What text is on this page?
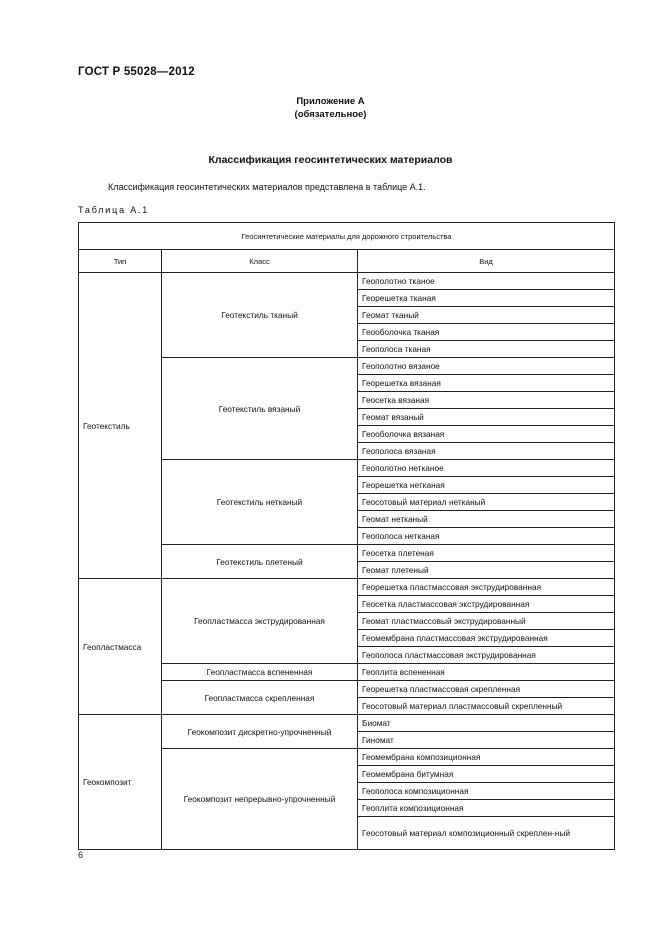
ГОСТ Р 55028—2012
Приложение А
(обязательное)
Классификация геосинтетических материалов
Классификация геосинтетических материалов представлена в таблице А.1.
Таблица А.1
Геосинтетические материалы для дорожного строительства		
Тип	Класс	Вид
Геотекстиль	Геотекстиль тканый	Геополотно тканое
		Георешетка тканая
		Геомат тканый
		Геооболочка тканая
		Геополоса тканая
	Геотекстиль вязаный	Геополотно вязаное
		Георешетка вязаная
		Геосетка вязаная
		Геомат вязаный
		Геооболочка вязаная
		Геополоса вязаная
	Геотекстиль нетканый	Геополотно нетканое
		Георешетка нетканая
		Геосотовый материал нетканый
		Геомат нетканый
		Геополоса нетканая
	Геотекстиль плетеный	Геосетка плетеная
		Геомат плетеный
Геопластмасса	Геопластмасса экструдированная	Георешетка пластмассовая экструдированная
		Геосетка пластмассовая экструдированная
		Геомат пластмассовый экструдированный
		Геомембрана пластмассовая экструдированная
		Геополоса пластмассовая экструдированная
	Геопластмасса вспененная	Геоплита вспененная
	Геопластмасса скрепленная	Георешетка пластмассовая скрепленная
		Геосотовый материал пластмассовый скрепленный
Геокомпозит	Геокомпозит дискретно-упрочненный	Биомат
		Гиномат
	Геокомпозит непрерывно-упрочненный	Геомембрана композиционная
		Геомембрана битумная
		Геополоса композиционная
		Геоплита композиционная
		Геосотовый материал композиционный скреплен-ный
6
